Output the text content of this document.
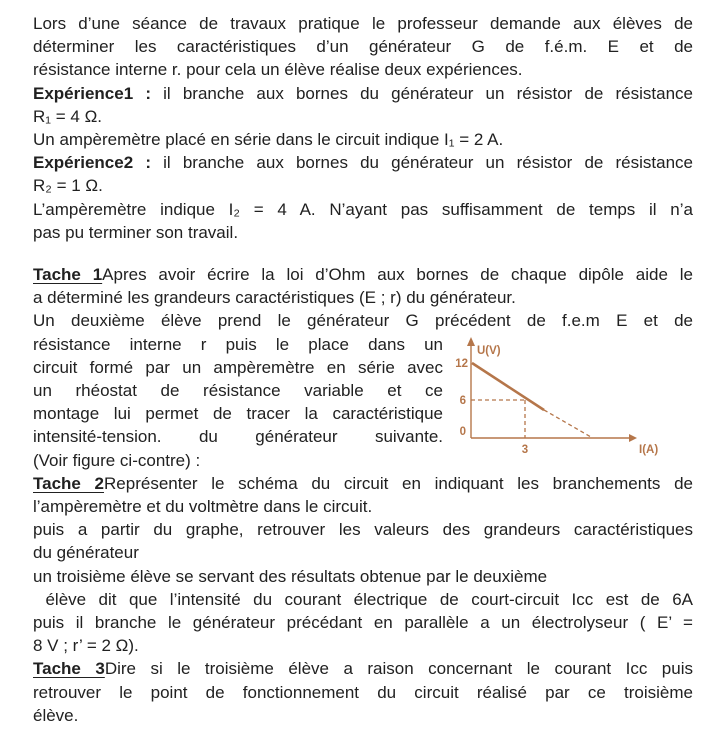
Lors d’une séance de travaux pratique le professeur demande aux élèves de
déterminer les caractéristiques d’un générateur G de f.é.m. E et de
résistance interne r. pour cela un élève réalise deux expériences.
Expérience1 : il branche aux bornes du générateur un résistor de résistance
R₁ = 4 Ω.
Un ampèremètre placé en série dans le circuit indique I₁ = 2 A.
Expérience2 : il branche aux bornes du générateur un résistor de résistance
R₂ = 1 Ω.
L’ampèremètre indique I₂ = 4 A. N’ayant pas suffisamment de temps il n’a
pas pu terminer son travail.
Tache 1Apres avoir écrire la loi d’Ohm aux bornes de chaque dipôle aide le
a déterminé les grandeurs caractéristiques (E ; r) du générateur.
Un deuxième élève prend le générateur G précédent de f.e.m E et de
résistance interne r puis le place dans un
circuit formé par un ampèremètre en série avec
un rhéostat de résistance variable et ce
montage lui permet de tracer la caractéristique
intensité-tension. du générateur suivante.
(Voir figure ci-contre) :
U(V)
12
6
0
3	I(A)
Tache 2Représenter le schéma du circuit en indiquant les branchements de
l’ampèremètre et du voltmètre dans le circuit.
puis a partir du graphe, retrouver les valeurs des grandeurs caractéristiques
du générateur
un troisième élève se servant des résultats obtenue par le deuxième
élève dit que l’intensité du courant électrique de court-circuit Icc est de 6A
puis il branche le générateur précédant en parallèle a un électrolyseur ( E’ =
8 V ; r’ = 2 Ω).
Tache 3Dire si le troisième élève a raison concernant le courant Icc puis
retrouver le point de fonctionnement du circuit réalisé par ce troisième
élève.
